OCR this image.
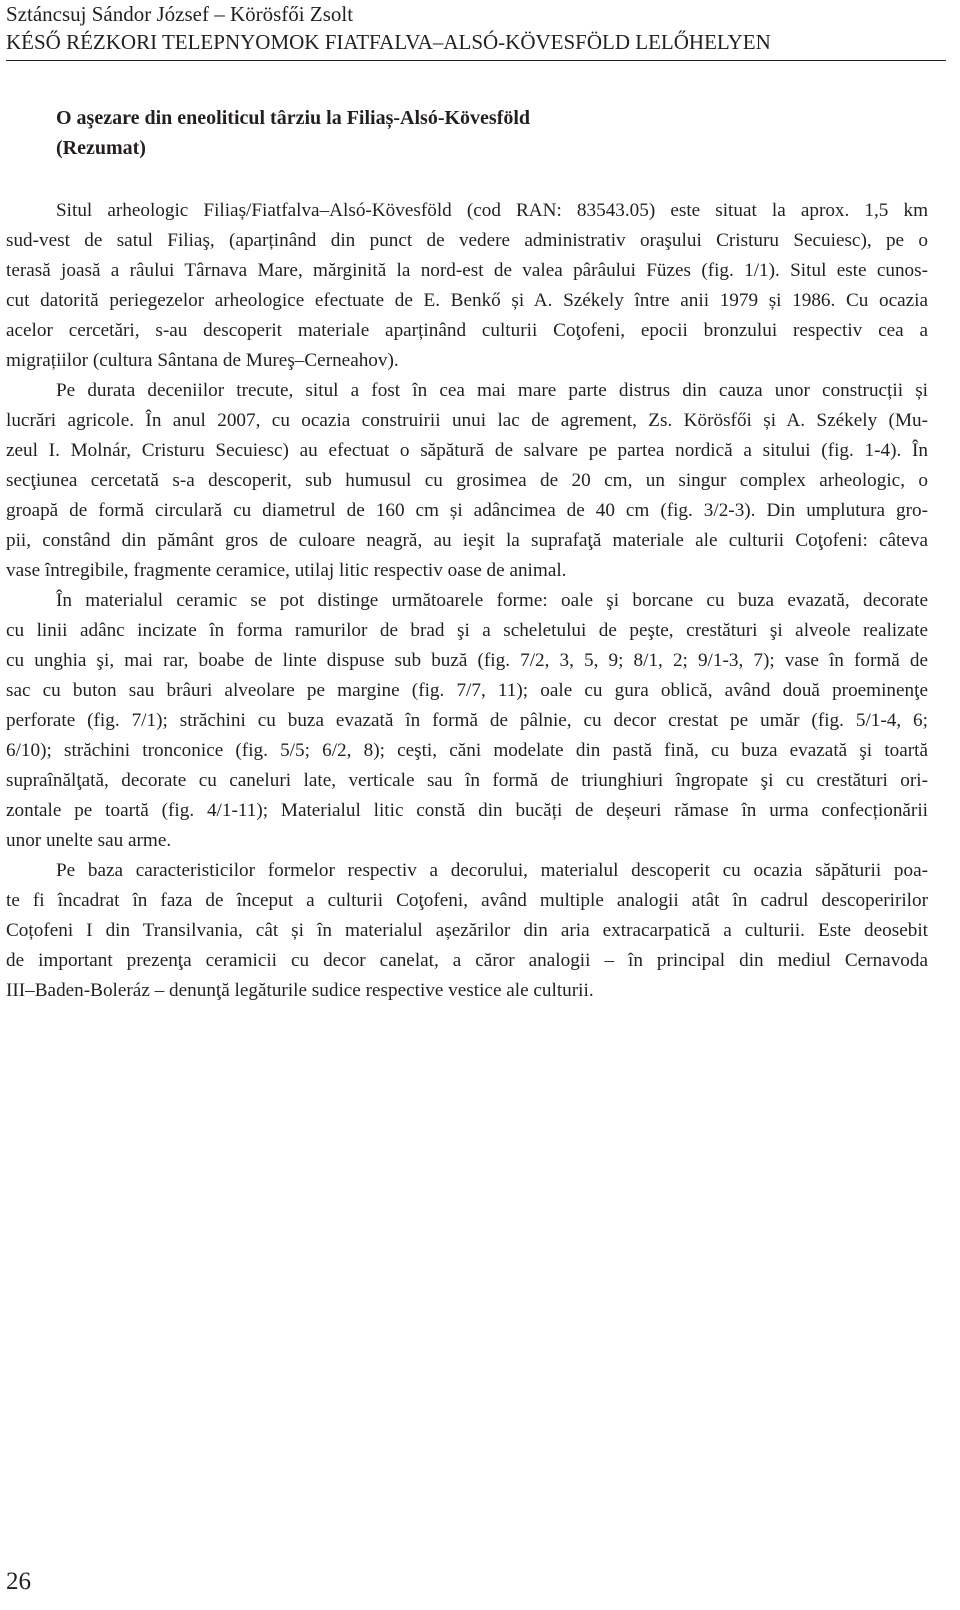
Sztáncsuj Sándor József – Körösfői Zsolt
KÉSŐ RÉZKORI TELEPNYOMOK FIATFALVA–ALSÓ-KÖVESFÖLD LELŐHELYEN
O aşezare din eneoliticul târziu la Filiaș-Alsó-Kövesföld
(Rezumat)
Situl arheologic Filiaș/Fiatfalva–Alsó-Kövesföld (cod RAN: 83543.05) este situat la aprox. 1,5 km
sud-vest de satul Filiaş, (aparținând din punct de vedere administrativ oraşului Cristuru Secuiesc), pe o
terasă joasă a râului Târnava Mare, mărginită la nord-est de valea pârâului Füzes (fig. 1/1). Situl este cunos-
cut datorită periegezelor arheologice efectuate de E. Benkő și A. Székely între anii 1979 și 1986. Cu ocazia
acelor cercetări, s-au descoperit materiale aparținând culturii Coţofeni, epocii bronzului respectiv cea a
migrațiilor (cultura Sântana de Mureş–Cerneahov).
Pe durata deceniilor trecute, situl a fost în cea mai mare parte distrus din cauza unor construcții și
lucrări agricole. În anul 2007, cu ocazia construirii unui lac de agrement, Zs. Körösfői și A. Székely (Mu-
zeul I. Molnár, Cristuru Secuiesc) au efectuat o săpătură de salvare pe partea nordică a sitului (fig. 1-4). În
secţiunea cercetată s-a descoperit, sub humusul cu grosimea de 20 cm, un singur complex arheologic, o
groapă de formă circulară cu diametrul de 160 cm și adâncimea de 40 cm (fig. 3/2-3). Din umplutura gro-
pii, constând din pământ gros de culoare neagră, au ieşit la suprafaţă materiale ale culturii Coţofeni: câteva
vase întregibile, fragmente ceramice, utilaj litic respectiv oase de animal.
În materialul ceramic se pot distinge următoarele forme: oale şi borcane cu buza evazată, decorate
cu linii adânc incizate în forma ramurilor de brad şi a scheletului de peşte, crestături şi alveole realizate
cu unghia şi, mai rar, boabe de linte dispuse sub buză (fig. 7/2, 3, 5, 9; 8/1, 2; 9/1-3, 7); vase în formă de
sac cu buton sau brâuri alveolare pe margine (fig. 7/7, 11); oale cu gura oblică, având două proeminenţe
perforate (fig. 7/1); străchini cu buza evazată în formă de pâlnie, cu decor crestat pe umăr (fig. 5/1-4, 6;
6/10); străchini tronconice (fig. 5/5; 6/2, 8); ceşti, căni modelate din pastă fină, cu buza evazată şi toartă
supraînălţată, decorate cu caneluri late, verticale sau în formă de triunghiuri îngropate şi cu crestături ori-
zontale pe toartă (fig. 4/1-11); Materialul litic constă din bucăți de deșeuri rămase în urma confecționării
unor unelte sau arme.
Pe baza caracteristicilor formelor respectiv a decorului, materialul descoperit cu ocazia săpăturii poa-
te fi încadrat în faza de început a culturii Coţofeni, având multiple analogii atât în cadrul descoperirilor
Coțofeni I din Transilvania, cât și în materialul așezărilor din aria extracarpatică a culturii. Este deosebit
de important prezenţa ceramicii cu decor canelat, a căror analogii – în principal din mediul Cernavoda
III–Baden-Boleráz – denunţă legăturile sudice respective vestice ale culturii.
26
